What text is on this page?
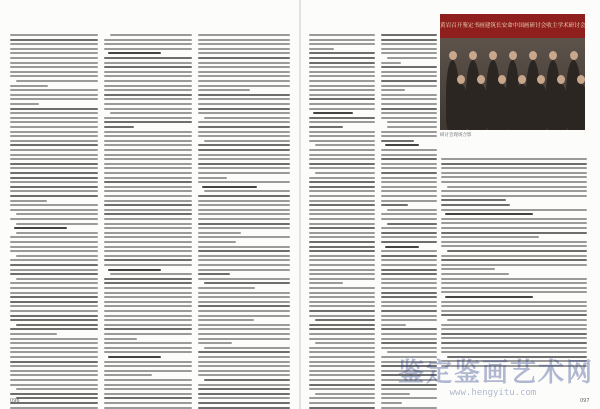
096	097
黄岩召开鉴定书画建筑长安命中国画研讨会收主学术研讨会
研讨会现场合影
鉴定鉴画艺术网
www.hengyitu.com
